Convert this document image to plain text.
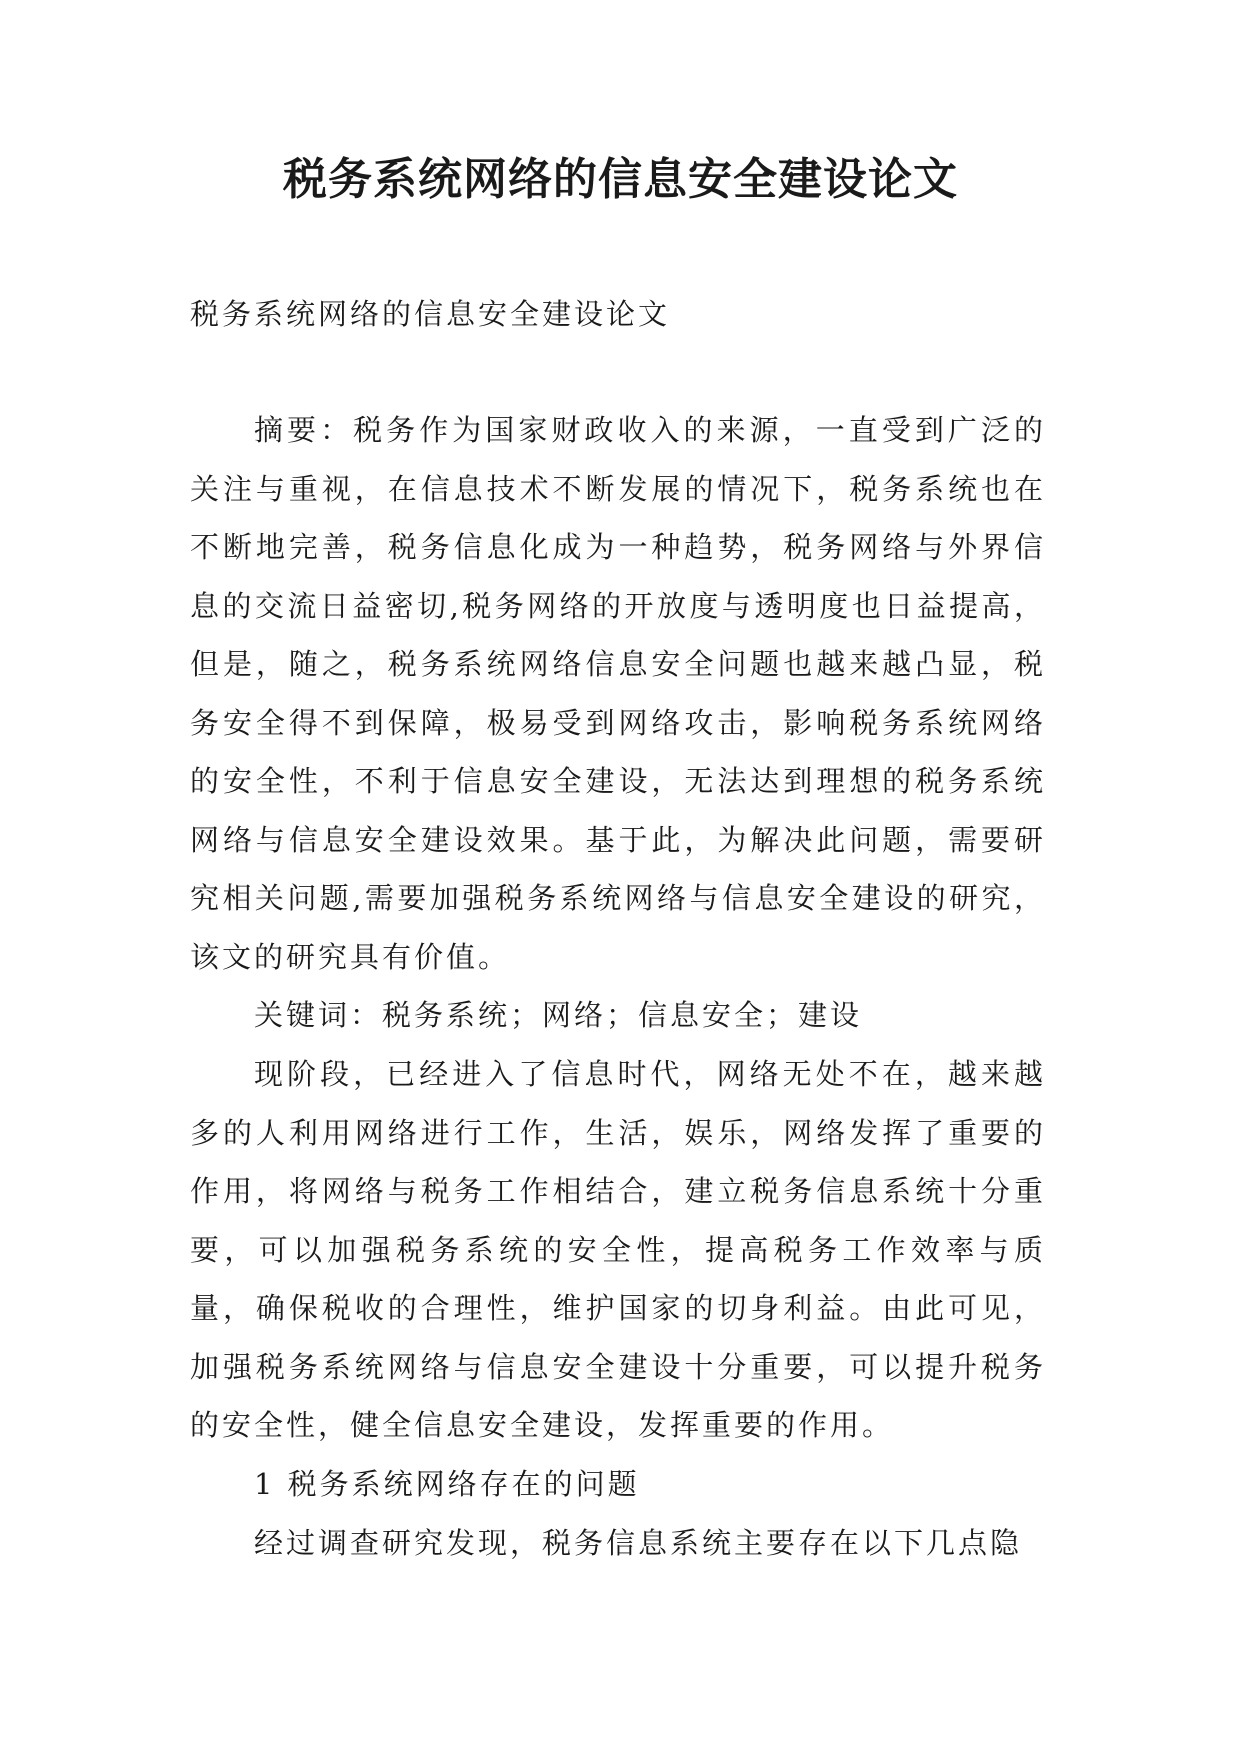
税务系统网络的信息安全建设论文

税务系统网络的信息安全建设论文

摘要：税务作为国家财政收入的来源，一直受到广泛的关注与重视，在信息技术不断发展的情况下，税务系统也在不断地完善，税务信息化成为一种趋势，税务网络与外界信息的交流日益密切,税务网络的开放度与透明度也日益提高，但是，随之，税务系统网络信息安全问题也越来越凸显，税务安全得不到保障，极易受到网络攻击，影响税务系统网络的安全性，不利于信息安全建设，无法达到理想的税务系统网络与信息安全建设效果。基于此，为解决此问题，需要研究相关问题,需要加强税务系统网络与信息安全建设的研究，该文的研究具有价值。

关键词：税务系统；网络；信息安全；建设

现阶段，已经进入了信息时代，网络无处不在，越来越多的人利用网络进行工作，生活，娱乐，网络发挥了重要的作用，将网络与税务工作相结合，建立税务信息系统十分重要，可以加强税务系统的安全性，提高税务工作效率与质量，确保税收的合理性，维护国家的切身利益。由此可见，加强税务系统网络与信息安全建设十分重要，可以提升税务的安全性，健全信息安全建设，发挥重要的作用。

1 税务系统网络存在的问题

经过调查研究发现，税务信息系统主要存在以下几点隐
